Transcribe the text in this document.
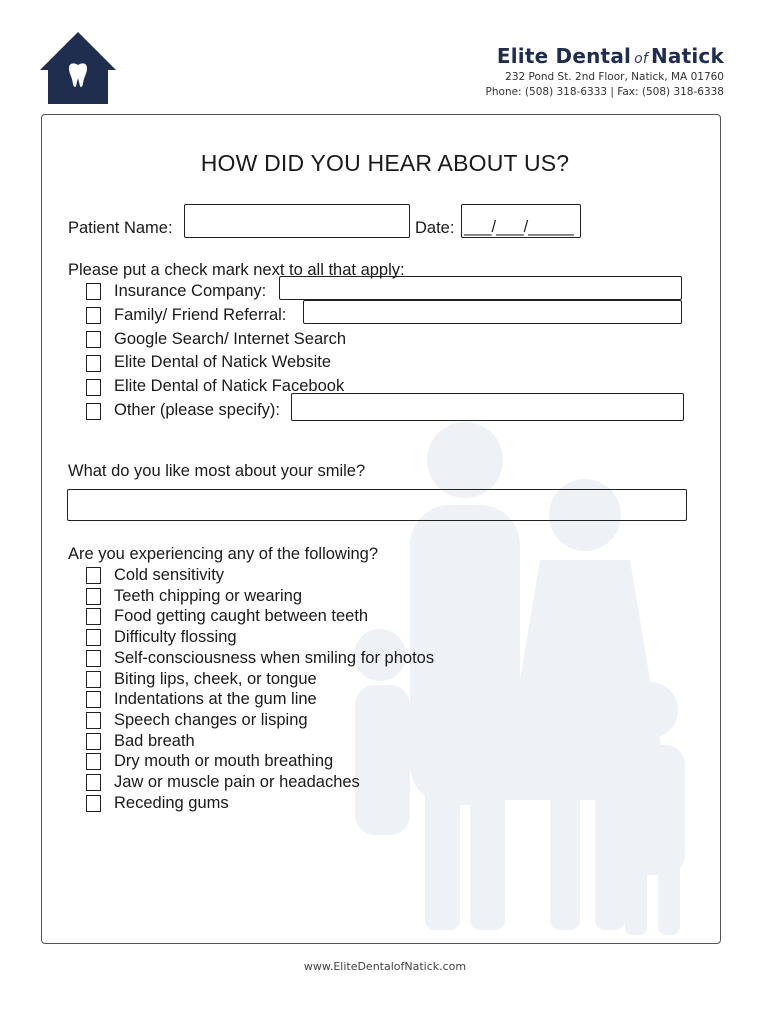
Elite Dental of Natick
232 Pond St. 2nd Floor, Natick, MA 01760
Phone: (508) 318-6333 | Fax: (508) 318-6338
HOW DID YOU HEAR ABOUT US?
Patient Name:	Date: ___/___/_____
Please put a check mark next to all that apply:
Insurance Company:
Family/ Friend Referral:
Google Search/ Internet Search
Elite Dental of Natick Website
Elite Dental of Natick Facebook
Other (please specify):
What do you like most about your smile?
Are you experiencing any of the following?
Cold sensitivity
Teeth chipping or wearing
Food getting caught between teeth
Difficulty flossing
Self-consciousness when smiling for photos
Biting lips, cheek, or tongue
Indentations at the gum line
Speech changes or lisping
Bad breath
Dry mouth or mouth breathing
Jaw or muscle pain or headaches
Receding gums
www.EliteDentalofNatick.com
